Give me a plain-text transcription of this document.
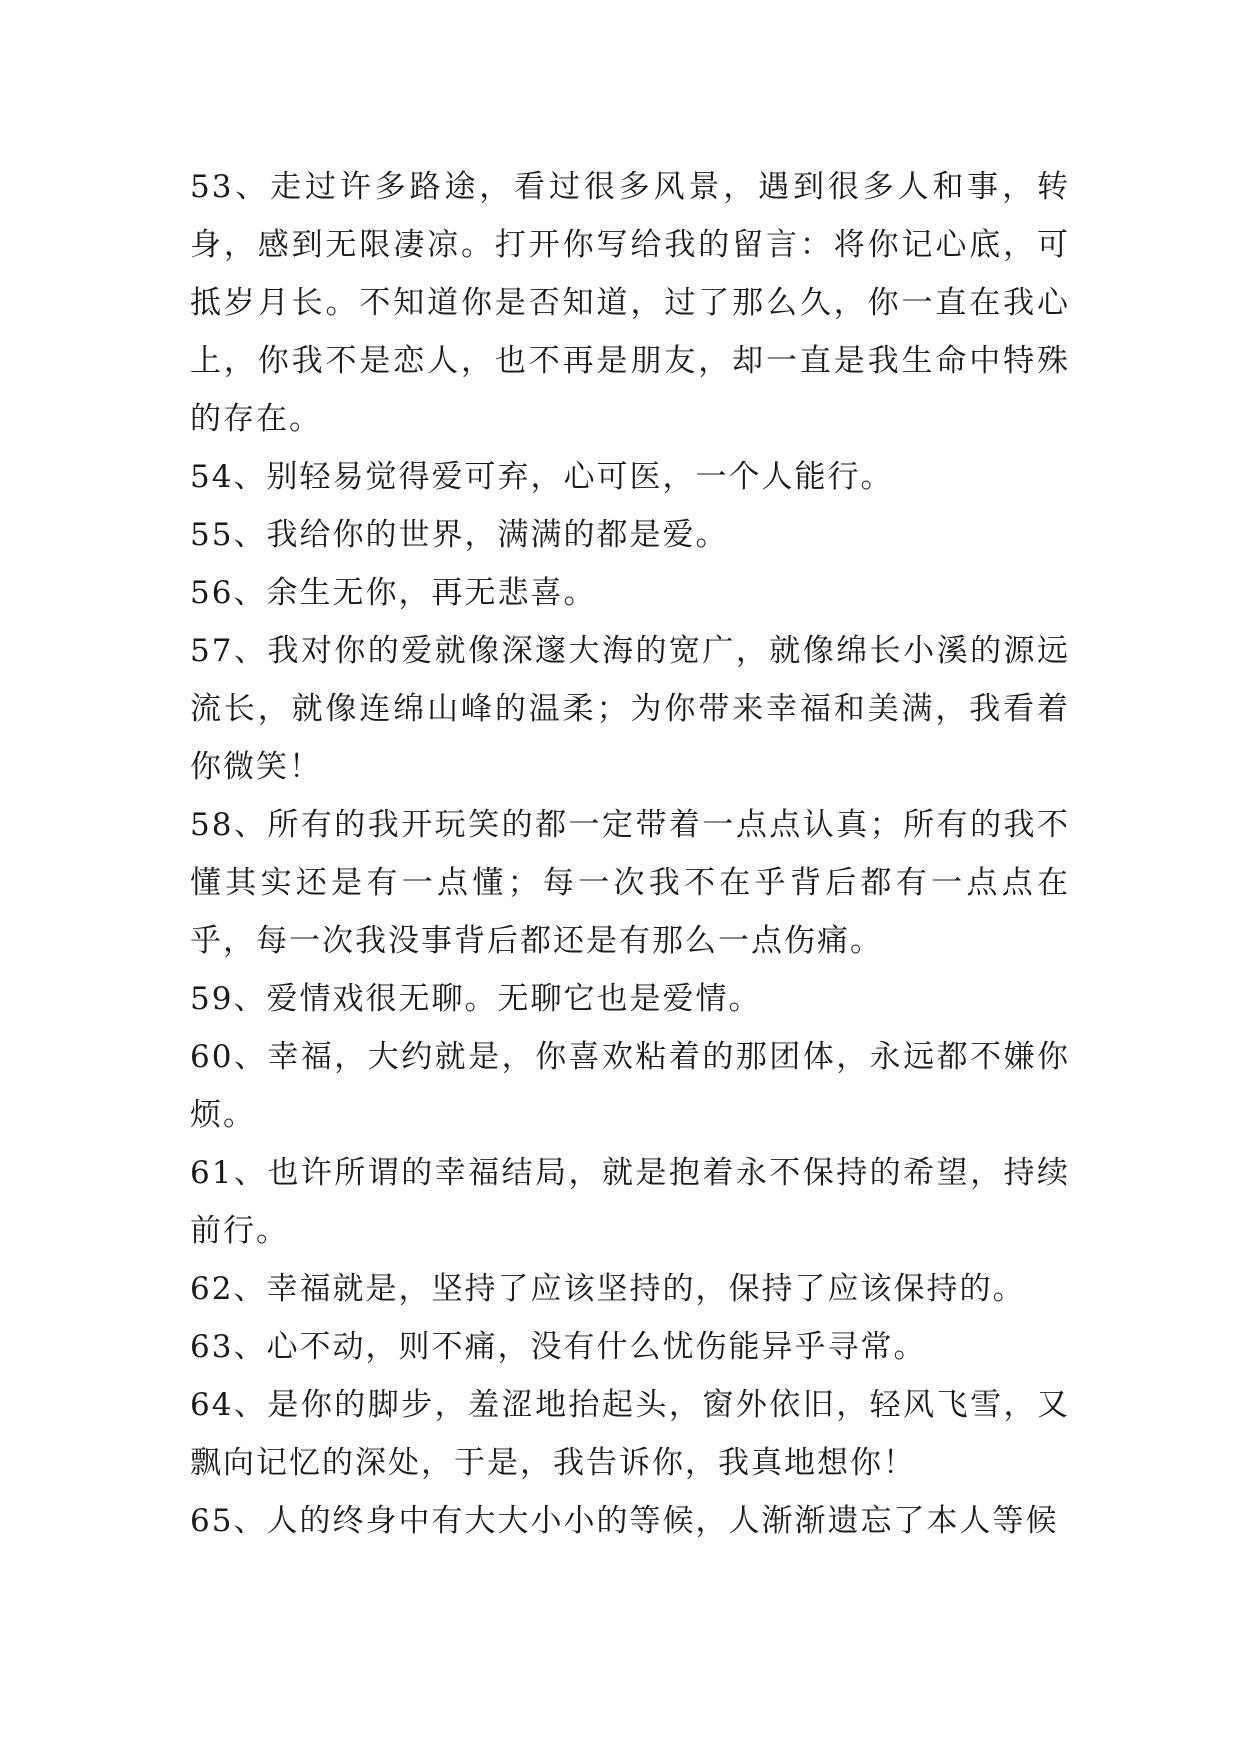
53、走过许多路途，看过很多风景，遇到很多人和事，转身，感到无限凄凉。打开你写给我的留言：将你记心底，可抵岁月长。不知道你是否知道，过了那么久，你一直在我心上，你我不是恋人，也不再是朋友，却一直是我生命中特殊的存在。

54、别轻易觉得爱可弃，心可医，一个人能行。

55、我给你的世界，满满的都是爱。

56、余生无你，再无悲喜。

57、我对你的爱就像深邃大海的宽广，就像绵长小溪的源远流长，就像连绵山峰的温柔；为你带来幸福和美满，我看着你微笑！

58、所有的我开玩笑的都一定带着一点点认真；所有的我不懂其实还是有一点懂；每一次我不在乎背后都有一点点在乎，每一次我没事背后都还是有那么一点伤痛。

59、爱情戏很无聊。无聊它也是爱情。

60、幸福，大约就是，你喜欢粘着的那团体，永远都不嫌你烦。

61、也许所谓的幸福结局，就是抱着永不保持的希望，持续前行。

62、幸福就是，坚持了应该坚持的，保持了应该保持的。

63、心不动，则不痛，没有什么忧伤能异乎寻常。

64、是你的脚步，羞涩地抬起头，窗外依旧，轻风飞雪，又飘向记忆的深处，于是，我告诉你，我真地想你！

65、人的终身中有大大小小的等候，人渐渐遗忘了本人等候
